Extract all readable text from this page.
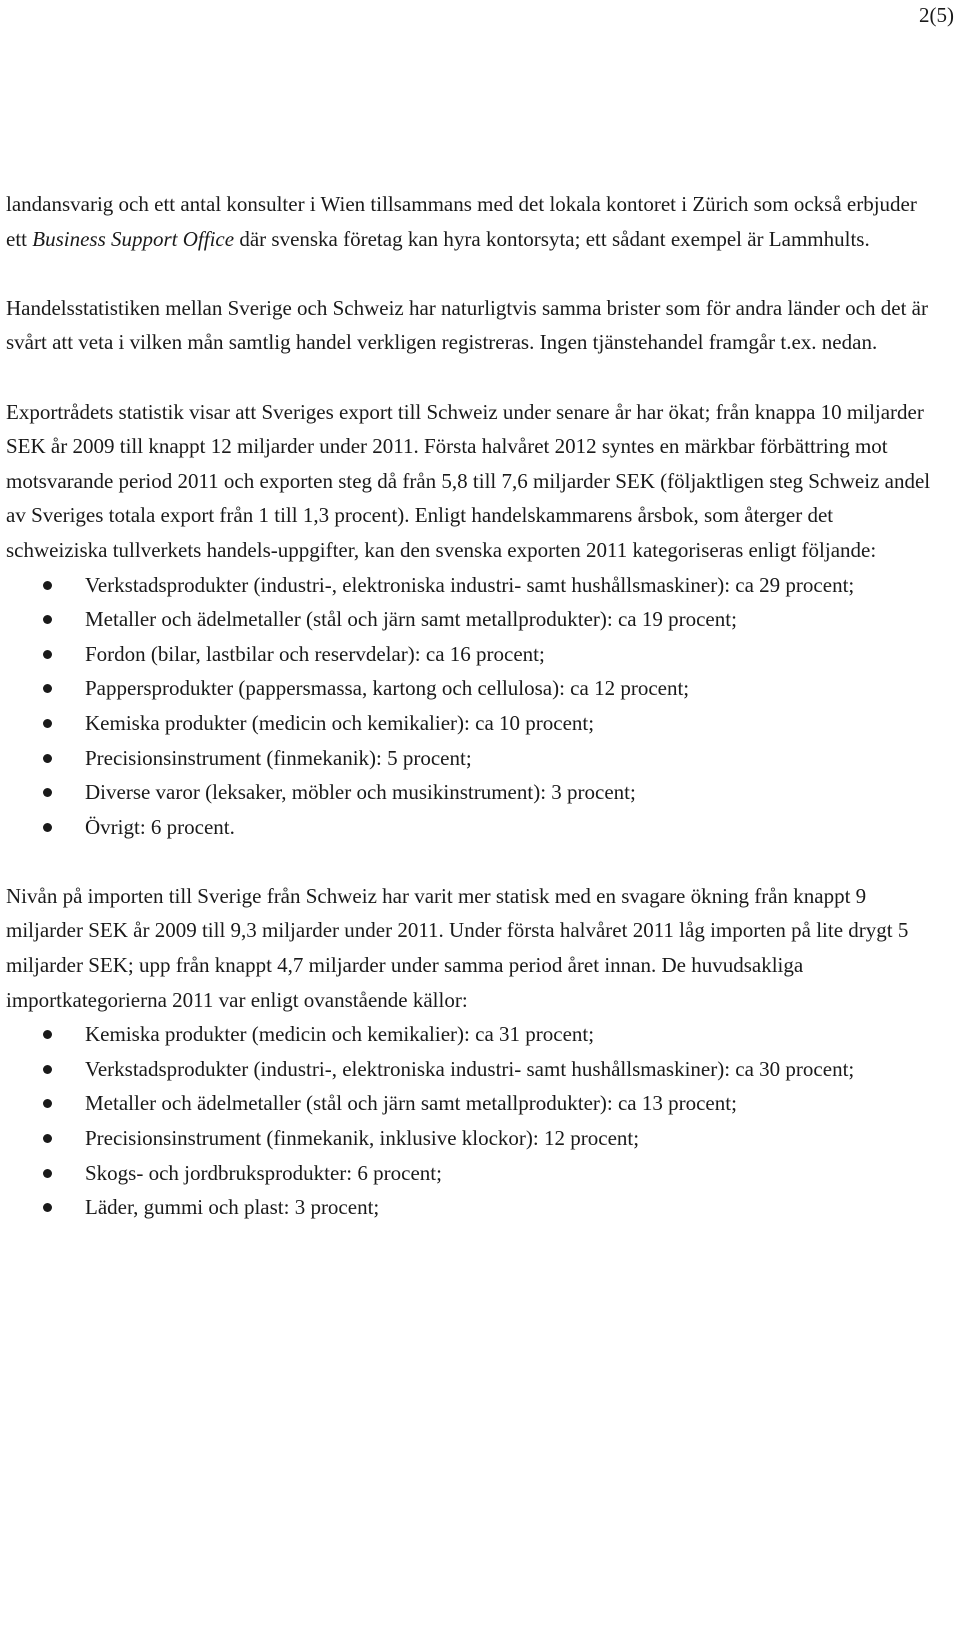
2(5)

landansvarig och ett antal konsulter i Wien tillsammans med det lokala kontoret i Zürich som också erbjuder ett Business Support Office där svenska företag kan hyra kontorsyta; ett sådant exempel är Lammhults.

Handelsstatistiken mellan Sverige och Schweiz har naturligtvis samma brister som för andra länder och det är svårt att veta i vilken mån samtlig handel verkligen registreras. Ingen tjänstehandel framgår t.ex. nedan.

Exportrådets statistik visar att Sveriges export till Schweiz under senare år har ökat; från knappa 10 miljarder SEK år 2009 till knappt 12 miljarder under 2011. Första halvåret 2012 syntes en märkbar förbättring mot motsvarande period 2011 och exporten steg då från 5,8 till 7,6 miljarder SEK (följaktligen steg Schweiz andel av Sveriges totala export från 1 till 1,3 procent). Enligt handelskammarens årsbok, som återger det schweiziska tullverkets handels-uppgifter, kan den svenska exporten 2011 kategoriseras enligt följande:

Verkstadsprodukter (industri-, elektroniska industri- samt hushållsmaskiner): ca 29 procent;
Metaller och ädelmetaller (stål och järn samt metallprodukter): ca 19 procent;
Fordon (bilar, lastbilar och reservdelar): ca 16 procent;
Pappersprodukter (pappersmassa, kartong och cellulosa): ca 12 procent;
Kemiska produkter (medicin och kemikalier): ca 10 procent;
Precisionsinstrument (finmekanik): 5 procent;
Diverse varor (leksaker, möbler och musikinstrument): 3 procent;
Övrigt: 6 procent.

Nivån på importen till Sverige från Schweiz har varit mer statisk med en svagare ökning från knappt 9 miljarder SEK år 2009 till 9,3 miljarder under 2011. Under första halvåret 2011 låg importen på lite drygt 5 miljarder SEK; upp från knappt 4,7 miljarder under samma period året innan. De huvudsakliga importkategorierna 2011 var enligt ovanstående källor:

Kemiska produkter (medicin och kemikalier): ca 31 procent;
Verkstadsprodukter (industri-, elektroniska industri- samt hushållsmaskiner): ca 30 procent;
Metaller och ädelmetaller (stål och järn samt metallprodukter): ca 13 procent;
Precisionsinstrument (finmekanik, inklusive klockor): 12 procent;
Skogs- och jordbruksprodukter: 6 procent;
Läder, gummi och plast: 3 procent;
